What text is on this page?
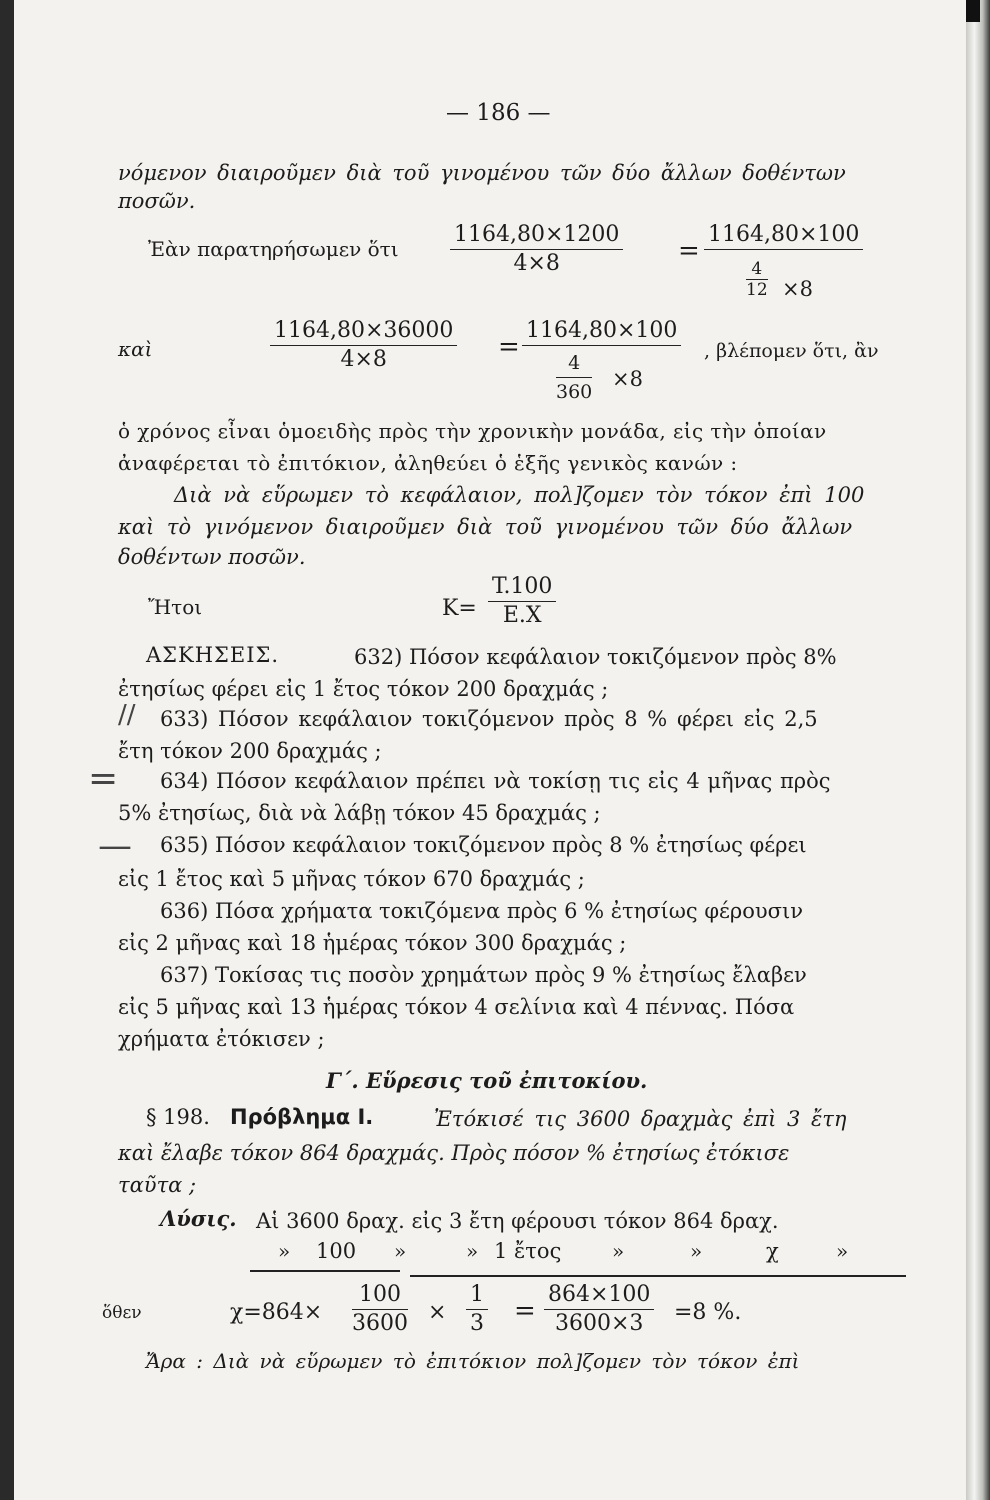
— 186 —
νόμενον διαιροῦμεν διὰ τοῦ γινομένου τῶν δύο ἄλλων δοθέντων
ποσῶν.
Ἐὰν παρατηρήσωμεν ὅτι $\frac{1164,80\times 1200}{4\times 8}$ =
1164,80×100
$\frac{4}{12} \times 8$
καὶ	$\frac{1164,80\times 36000}{4\times 8}$ =
1164,80×100
$\frac{4}{360} \times 8$
, βλέπομεν ὅτι, ἂν
ὁ χρόνος εἶναι ὁμοειδὴς πρὸς τὴν χρονικὴν μονάδα, εἰς τὴν ὁποίαν
ἀναφέρεται τὸ ἐπιτόκιον, ἀληθεύει ὁ ἑξῆς γενικὸς κανών :
Διὰ νὰ εὕρωμεν τὸ κεφάλαιον, πολ]ζομεν τὸν τόκον ἐπὶ 100
καὶ τὸ γινόμενον διαιροῦμεν διὰ τοῦ γινομένου τῶν δύο ἄλλων
δοθέντων ποσῶν.
Ἤτοι	$K= \frac{T.100}{E.X}$
ΑΣΚΗΣΕΙΣ.	632) Πόσον κεφάλαιον τοκιζόμενον πρὸς 8%
ἐτησίως φέρει εἰς 1 ἔτος τόκον 200 δραχμάς ;
// 633) Πόσον κεφάλαιον τοκιζόμενον πρὸς 8 % φέρει εἰς 2,5
ἔτη τόκον 200 δραχμάς ;
= 634) Πόσον κεφάλαιον πρέπει νὰ τοκίσῃ τις εἰς 4 μῆνας πρὸς
5% ἐτησίως, διὰ νὰ λάβῃ τόκον 45 δραχμάς ;
— 635) Πόσον κεφάλαιον τοκιζόμενον πρὸς 8 % ἐτησίως φέρει
εἰς 1 ἔτος καὶ 5 μῆνας τόκον 670 δραχμάς ;
636) Πόσα χρήματα τοκιζόμενα πρὸς 6 % ἐτησίως φέρουσιν
εἰς 2 μῆνας καὶ 18 ἡμέρας τόκον 300 δραχμάς ;
637) Τοκίσας τις ποσὸν χρημάτων πρὸς 9 % ἐτησίως ἔλαβεν
εἰς 5 μῆνας καὶ 13 ἡμέρας τόκον 4 σελίνια καὶ 4 πέννας. Πόσα
χρήματα ἐτόκισεν ;
Γ΄. Εὕρεσις τοῦ ἐπιτοκίου.
§ 198. Πρόβλημα I.	Ἐτόκισέ τις 3600 δραχμὰς ἐπὶ 3 ἔτη
καὶ ἔλαβε τόκον 864 δραχμάς. Πρὸς πόσον % ἐτησίως ἐτόκισε
ταῦτα ;
Λύσις. Αἱ 3600 δραχ. εἰς 3 ἔτη φέρουσι τόκον 864 δραχ.
» 100 »	» 1 ἔτος	»	»	χ	»
ὅθεν	$\chi=864\times \frac{100}{3600} \times \frac{1}{3} = \frac{864\times 100}{3600\times 3} =8$ %.
Ἄρα : Διὰ νὰ εὕρωμεν τὸ ἐπιτόκιον πολ]ζομεν τὸν τόκον ἐπὶ
